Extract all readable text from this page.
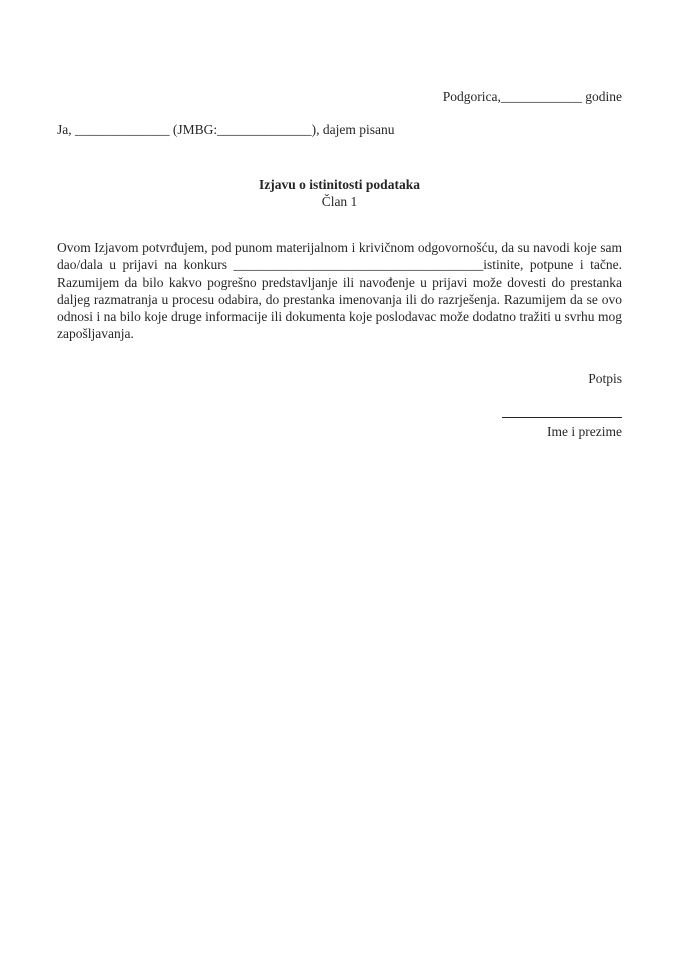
Podgorica,____________ godine
Ja, ______________ (JMBG:______________), dajem pisanu
Izjavu o istinitosti podataka
Član 1

Ovom Izjavom potvrđujem, pod punom materijalnom i krivičnom odgovornošću, da su navodi koje sam dao/dala u prijavi na konkurs _____________________________________istinite, potpune i tačne. Razumijem da bilo kakvo pogrešno predstavljanje ili navođenje u prijavi može dovesti do prestanka daljeg razmatranja u procesu odabira, do prestanka imenovanja ili do razrješenja. Razumijem da se ovo odnosi i na bilo koje druge informacije ili dokumenta koje poslodavac može dodatno tražiti u svrhu mog zapošljavanja.

Potpis
Ime i prezime
